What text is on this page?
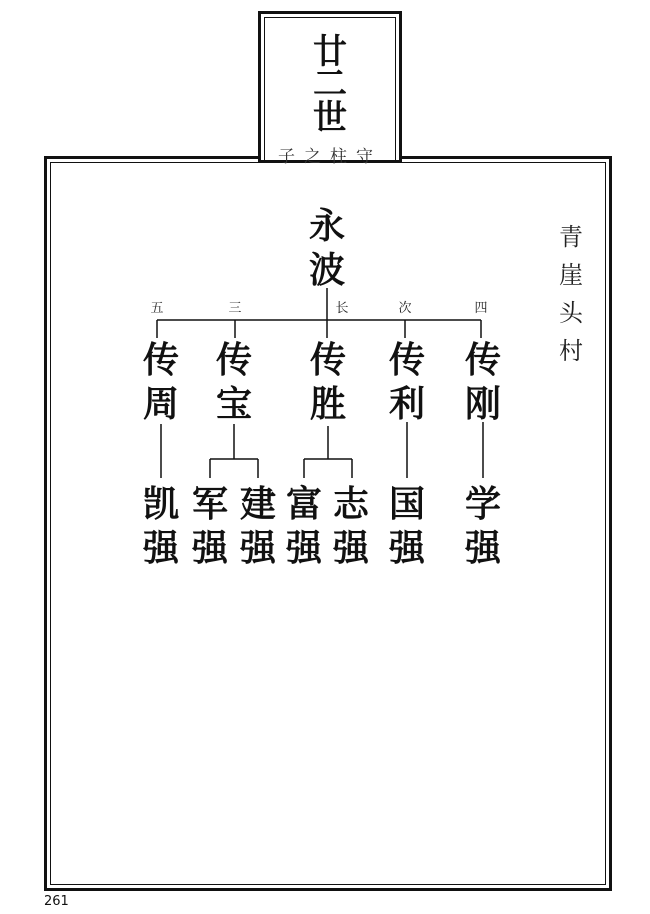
廿
二
世
子之柱守
青
崖
头
村
永
波
五	三	长	次	四
传
周
传
宝
传
胜
传
利
传
刚
凯
强
军
强
建
强
富
强
志
强
国
强
学
强
261
